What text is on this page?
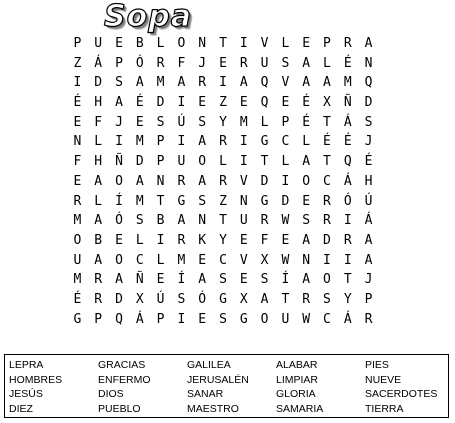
Sopa
P U E B L O N T I V L E P R A
Z Á P Ó R F J E R U S A L É N
I D S A M A R I A Q V A A M Q
É H A É D I E Z E Q E É X Ñ D
E F J E S Ú S Y M L P É T Á S
N L I M P I A R I G C L É É J
F H Ñ D P U O L I T L A T Q É
E A O A N R A R V D I O C Á H
R L Í M T G S Z N G D E R Ó Ú
M A Ó S B A N T U R W S R I Á
O B E L I R K Y E F E A D R A
U A O C L M E C V X W N I I A
M R A Ñ E Í A S E S Í A O T J
É R D X Ú S Ó G X A T R S Y P
G P Q Á P I E S G O U W C Á R
LEPRA
HOMBRES
JESÚS
DIEZ
GRACIAS
ENFERMO
DIOS
PUEBLO
GALILEA
JERUSALÉN
SANAR
MAESTRO
ALABAR
LIMPIAR
GLORIA
SAMARIA
PIES
NUEVE
SACERDOTES
TIERRA
